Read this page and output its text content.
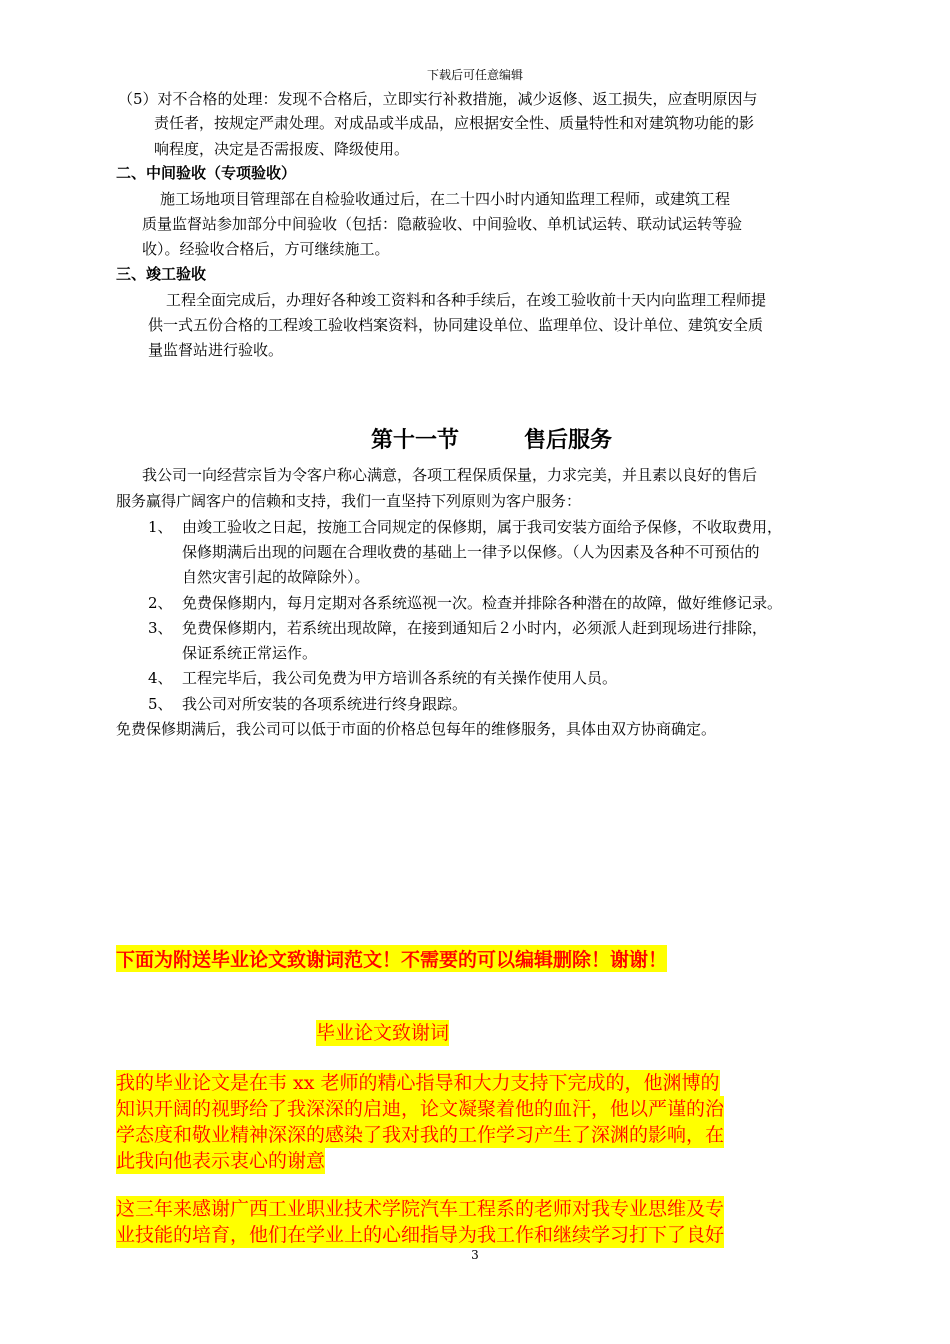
下载后可任意编辑
（5）对不合格的处理：发现不合格后，立即实行补救措施，减少返修、返工损失，应查明原因与
责任者，按规定严肃处理。对成品或半成品，应根据安全性、质量特性和对建筑物功能的影
响程度，决定是否需报废、降级使用。
二、中间验收（专项验收）
施工场地项目管理部在自检验收通过后，在二十四小时内通知监理工程师，或建筑工程
质量监督站参加部分中间验收（包括：隐蔽验收、中间验收、单机试运转、联动试运转等验
收）。经验收合格后，方可继续施工。
三、竣工验收
工程全面完成后，办理好各种竣工资料和各种手续后，在竣工验收前十天内向监理工程师提
供一式五份合格的工程竣工验收档案资料，协同建设单位、监理单位、设计单位、建筑安全质
量监督站进行验收。
第十一节	售后服务
我公司一向经营宗旨为令客户称心满意，各项工程保质保量，力求完美，并且素以良好的售后
服务赢得广阔客户的信赖和支持，我们一直坚持下列原则为客户服务：
1、 由竣工验收之日起，按施工合同规定的保修期，属于我司安装方面给予保修，不收取费用，
保修期满后出现的问题在合理收费的基础上一律予以保修。（人为因素及各种不可预估的
自然灾害引起的故障除外）。
2、 免费保修期内，每月定期对各系统巡视一次。检查并排除各种潜在的故障，做好维修记录。
3、 免费保修期内，若系统出现故障，在接到通知后２小时内，必须派人赶到现场进行排除，
保证系统正常运作。
4、 工程完毕后，我公司免费为甲方培训各系统的有关操作使用人员。
5、 我公司对所安装的各项系统进行终身跟踪。
免费保修期满后，我公司可以低于市面的价格总包每年的维修服务，具体由双方协商确定。
下面为附送毕业论文致谢词范文！不需要的可以编辑删除！谢谢！
毕业论文致谢词
我的毕业论文是在韦 xx 老师的精心指导和大力支持下完成的，他渊博的
知识开阔的视野给了我深深的启迪，论文凝聚着他的血汗，他以严谨的治
学态度和敬业精神深深的感染了我对我的工作学习产生了深渊的影响，在
此我向他表示衷心的谢意
这三年来感谢广西工业职业技术学院汽车工程系的老师对我专业思维及专
业技能的培育，他们在学业上的心细指导为我工作和继续学习打下了良好
3
